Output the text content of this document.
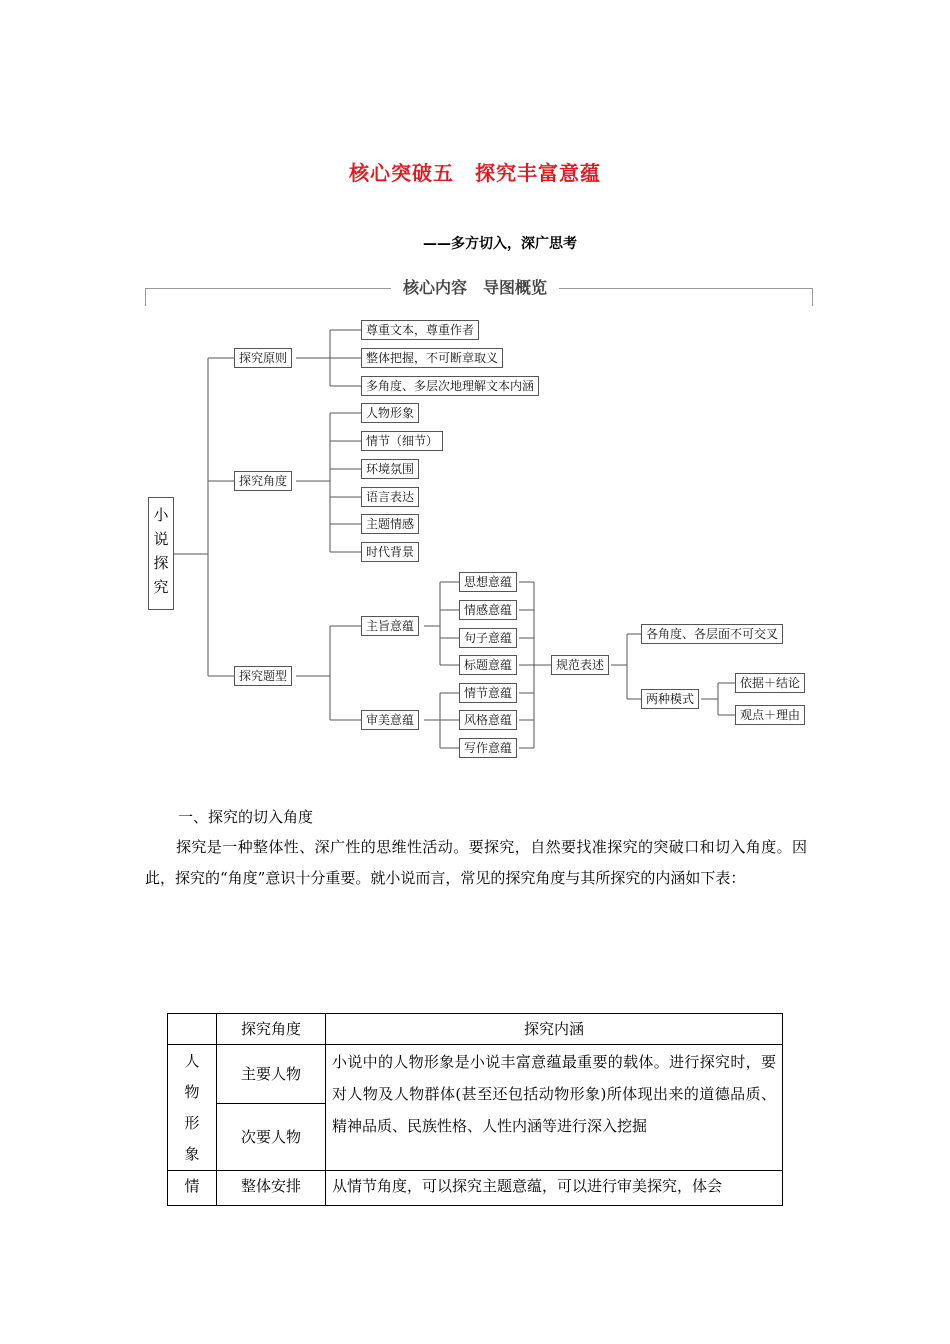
核心突破五　探究丰富意蕴
——多方切入，深广思考
核心内容　导图概览
小
说
探
究
探究原则
探究角度
探究题型
尊重文本，尊重作者
整体把握，不可断章取义
多角度、多层次地理解文本内涵
人物形象
情节（细节）
环境氛围
语言表达
主题情感
时代背景
主旨意蕴
审美意蕴
思想意蕴
情感意蕴
句子意蕴
标题意蕴
情节意蕴
风格意蕴
写作意蕴
规范表述
各角度、各层面不可交叉
两种模式
依据＋结论
观点＋理由
一、探究的切入角度
探究是一种整体性、深广性的思维性活动。要探究，自然要找准探究的突破口和切入角度。因此，探究的“角度”意识十分重要。就小说而言，常见的探究角度与其所探究的内涵如下表：
	探究角度	探究内涵

人
物
形
象	主要人物	小说中的人物形象是小说丰富意蕴最重要的载体。进行探究时，要对人物及人物群体(甚至还包括动物形象)所体现出来的道德品质、精神品质、民族性格、人性内涵等进行深入挖掘
	次要人物	
情	整体安排	从情节角度，可以探究主题意蕴，可以进行审美探究，体会
